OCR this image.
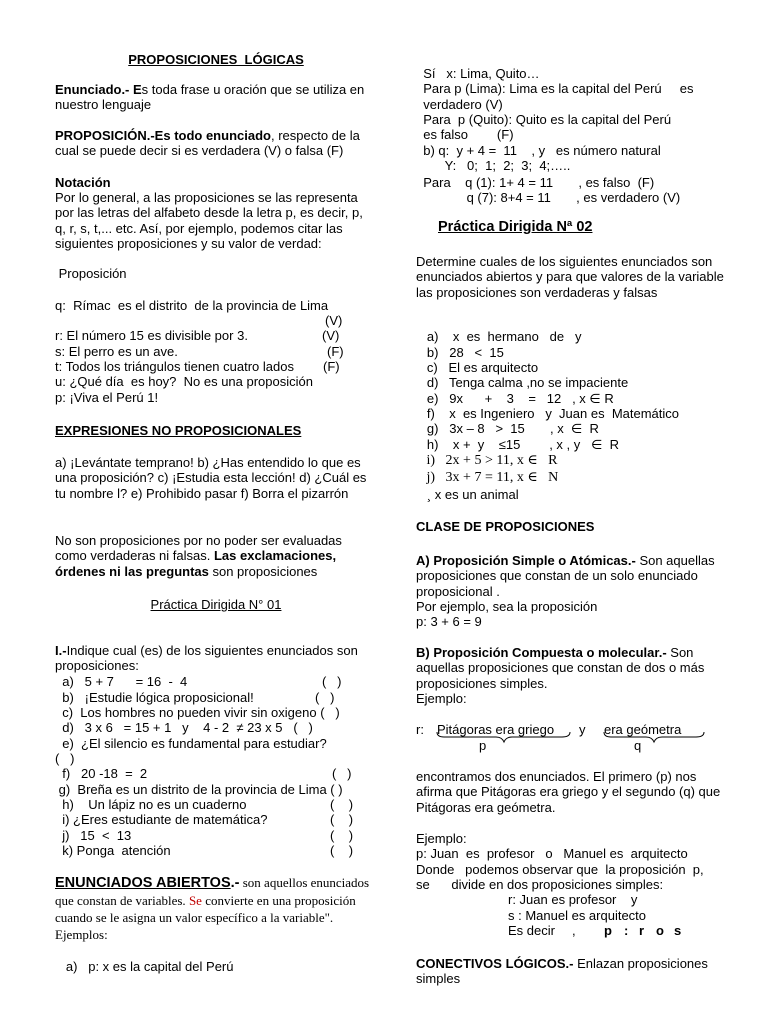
PROPOSICIONES  LÓGICAS
Enunciado.- Es toda frase u oración que se utiliza en nuestro lenguaje
PROPOSICIÓN.-Es todo enunciado, respecto de la cual se puede decir si es verdadera (V) o falsa (F)
Notación
Por lo general, a las proposiciones se las representa por las letras del alfabeto desde la letra p, es decir, p, q, r, s, t,... etc. Así, por ejemplo, podemos citar las siguientes proposiciones y su valor de verdad:
Proposición
q:  Rímac  es el distrito  de la provincia de Lima
(V)
r: El número 15 es divisible por 3.	(V)
s: El perro es un ave.	(F)
t: Todos los triángulos tienen cuatro lados (F)
u: ¿Qué día  es hoy?  No es una proposición
p: ¡Viva el Perú 1!
EXPRESIONES NO PROPOSICIONALES
a) ¡Levántate temprano! b) ¿Has entendido lo que es una proposición? c) ¡Estudia esta lección! d) ¿Cuál es tu nombre l? e) Prohibido pasar f) Borra el pizarrón
No son proposiciones por no poder ser evaluadas como verdaderas ni falsas. Las exclamaciones, órdenes ni las preguntas son proposiciones
Práctica Dirigida N° 01
I.-Indique cual (es) de los siguientes enunciados son proposiciones:
a)   5 + 7      = 16  -  4	(   )
b)   ¡Estudie lógica proposicional!	(   )
c)  Los hombres no pueden vivir sin oxigeno (   )
d)   3 x 6   = 15 + 1   y    4 - 2  ≠ 23 x 5   (   )
e)  ¿El silencio es fundamental para estudiar?
(   )
f)   20 -18  =  2	(   )
g)  Breña es un distrito de la provincia de Lima ( )
h)    Un lápiz no es un cuaderno	(    )
i) ¿Eres estudiante de matemática?	(    )
j)   15  <  13	(    )
k) Ponga  atención	(    )
ENUNCIADOS ABIERTOS.- son aquellos enunciados que constan de variables. Se convierte en una proposición cuando se le asigna un valor específico a la variable". Ejemplos:
a)   p: x es la capital del Perú
Sí   x: Lima, Quito…
Para p (Lima): Lima es la capital del Perú     es
verdadero (V)
Para  p (Quito): Quito es la capital del Perú
es falso        (F)
b) q:  y + 4 =  11    , y   es número natural
Y:   0;  1;  2;  3;  4;…..
Para    q (1): 1+ 4 = 11       , es falso  (F)
q (7): 8+4 = 11       , es verdadero (V)
Práctica Dirigida Nª 02
Determine cuales de los siguientes enunciados son enunciados abiertos y para que valores de la variable las proposiciones son verdaderas y falsas
a)    x  es  hermano   de   y
b)   28   <  15
c)   El es arquitecto
d)   Tenga calma ,no se impaciente
e)   9x      +    3    =   12   , x ∈ R
f)    x  es Ingeniero   y  Juan es  Matemático
g)   3x – 8   >  15       , x  ∈  R
h)    x +  y    ≤15        , x , y   ∈  R
i)   2x + 5 > 11, x ∈   R
j)   3x + 7 = 11, x ∈   N
¸ x es un animal
CLASE DE PROPOSICIONES
A) Proposición Simple o Atómicas.- Son aquellas proposiciones que constan de un solo enunciado proposicional .
Por ejemplo, sea la proposición
p: 3 + 6 = 9
B) Proposición Compuesta o molecular.- Son aquellas proposiciones que constan de dos o más proposiciones simples.
Ejemplo:
r: Pitágoras era griego y era geómetra
p	q
encontramos dos enunciados. El primero (p) nos afirma que Pitágoras era griego y el segundo (q) que Pitágoras era geómetra.
Ejemplo:
p: Juan  es  profesor   o   Manuel es  arquitecto
Donde   podemos observar que  la proposición  p,
se      divide en dos proposiciones simples:
r: Juan es profesor    y
s : Manuel es arquitecto
Es decir , p : r o s
CONECTIVOS LÓGICOS.- Enlazan proposiciones simples
